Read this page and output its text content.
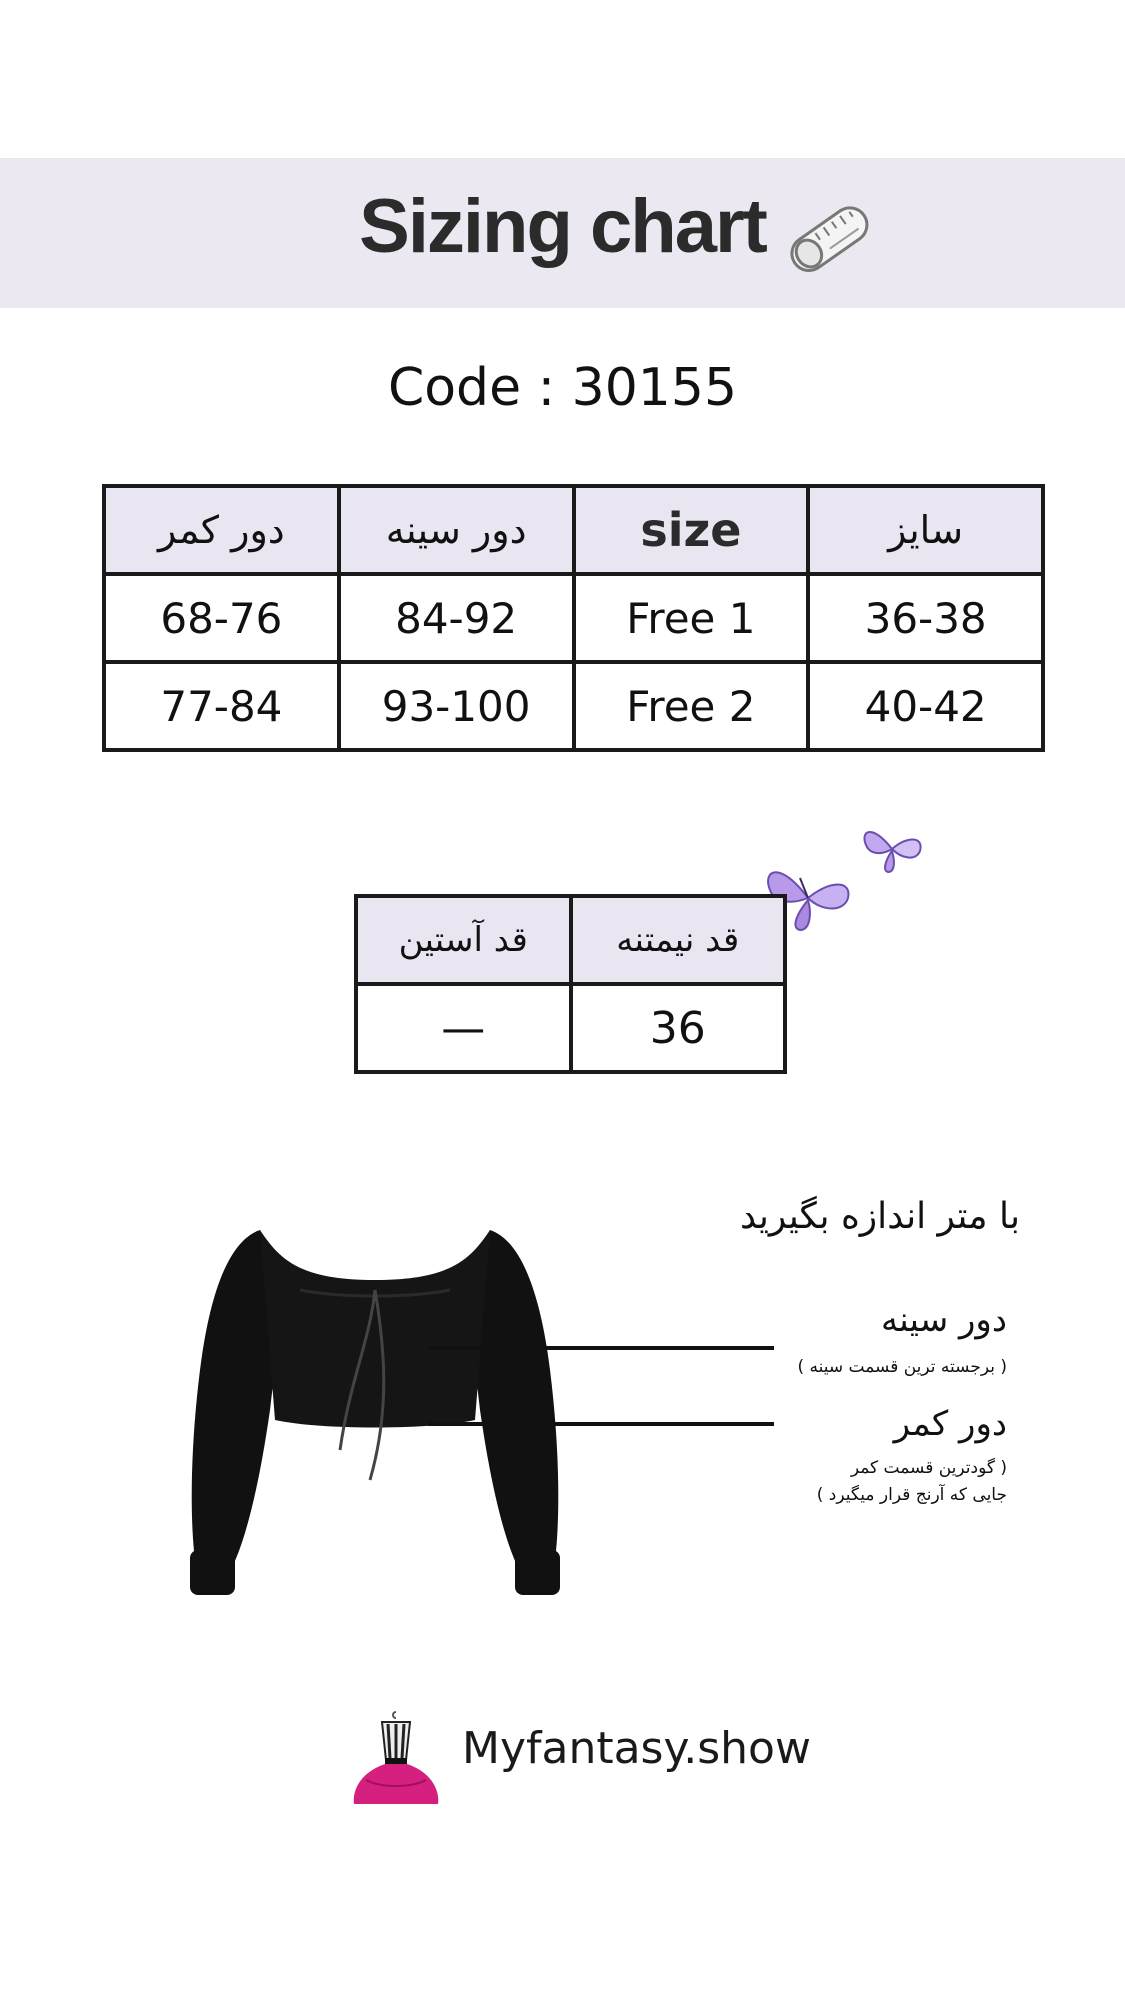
Sizing chart
Code : 30155
دور کمر	دور سینه	size	سایز
68-76	84-92	Free 1	36-38
77-84	93-100	Free 2	40-42
قد آستین	قد نیمتنه
—	36
با متر اندازه بگیرید
دور سینه
( برجسته ترین قسمت سینه )
دور کمر
( گودترین قسمت کمر
جایی که آرنج قرار میگیرد )
Myfantasy.show
